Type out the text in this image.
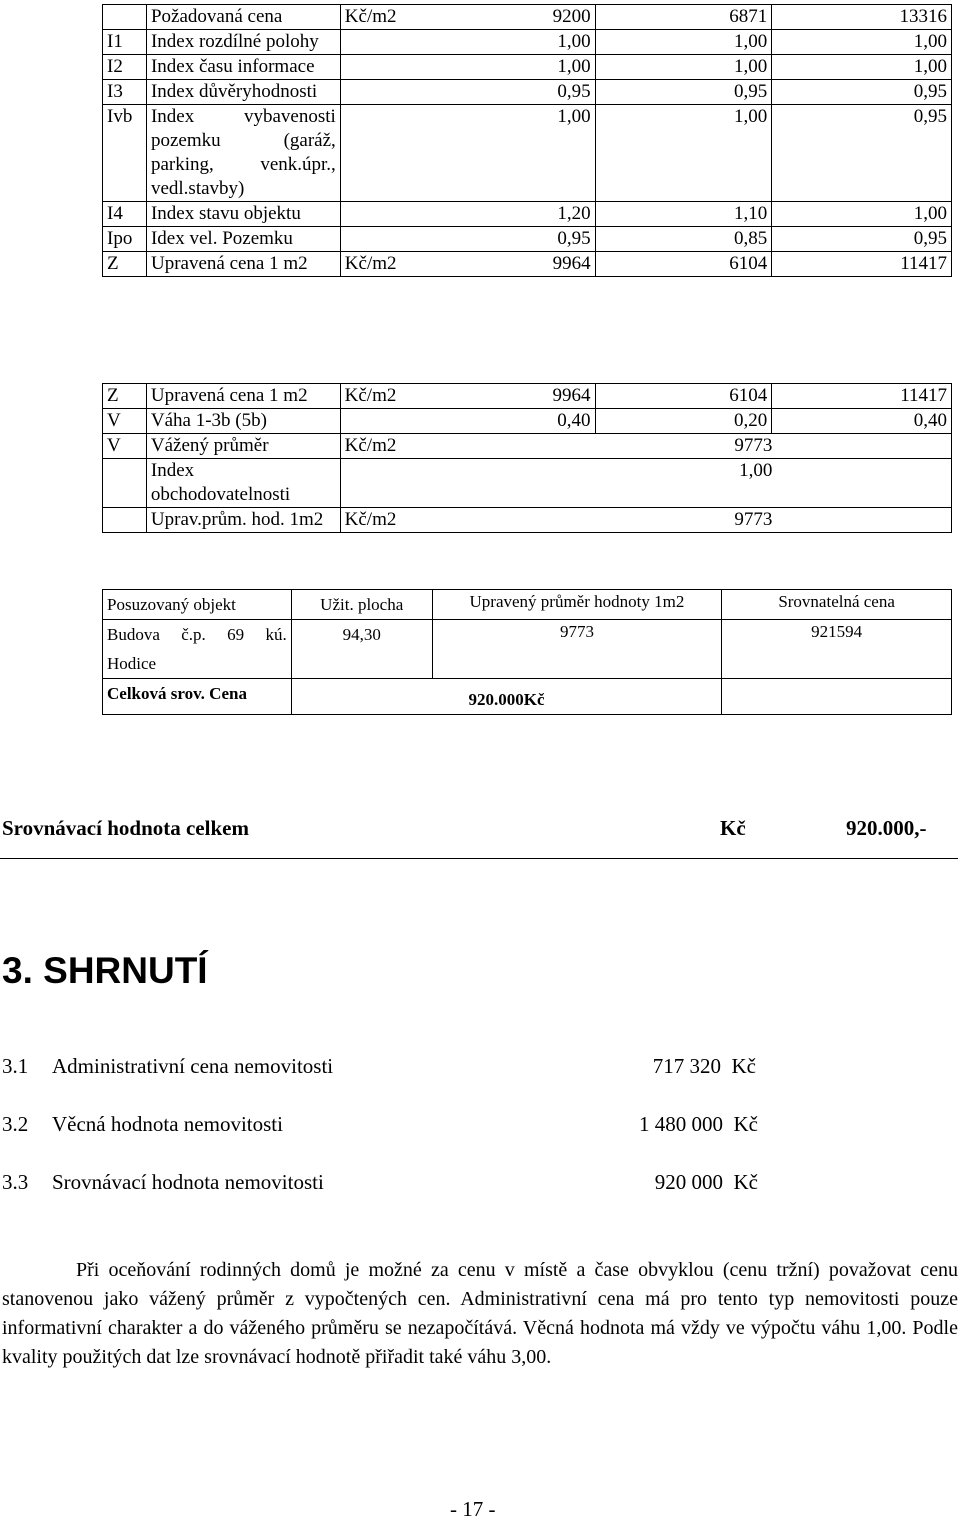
	Požadovaná cena	Kč/m2	9200	6871	13316
I1	Index rozdílné polohy		1,00	1,00	1,00
I2	Index času informace		1,00	1,00	1,00
I3	Index důvěryhodnosti		0,95	0,95	0,95
Ivb	Index vybavenosti pozemku (garáž, parking, venk.úpr., vedl.stavby)		1,00	1,00	0,95
I4	Index stavu objektu		1,20	1,10	1,00
Ipo	Idex vel. Pozemku		0,95	0,85	0,95
Z	Upravená cena 1 m2	Kč/m2	9964	6104	11417
Z	Upravená cena 1 m2	Kč/m2	9964	6104	11417
V	Váha 1-3b (5b)		0,40	0,20	0,40
V	Vážený průměr	Kč/m2	9773		

	Index obchodovatelnosti		1,00		

	Uprav.prům. hod. 1m2	Kč/m2	9773		
Posuzovaný objekt	Užit. plocha	Upravený průměr hodnoty 1m2	Srovnatelná cena
Budova č.p. 69 kú. Hodice	94,30	9773	921594
Celková srov. Cena	920.000Kč		
Srovnávací hodnota celkem	Kč	920.000,-
3. SHRNUTÍ
3.1 Administrativní cena nemovitosti	717 320  Kč
3.2 Věcná hodnota nemovitosti	1 480 000  Kč
3.3 Srovnávací hodnota nemovitosti	920 000  Kč
Při oceňování rodinných domů je možné za cenu v místě a čase obvyklou (cenu tržní) považovat cenu stanovenou jako vážený průměr z vypočtených cen. Administrativní cena má pro tento typ nemovitosti pouze informativní charakter a do váženého průměru se nezapočítává. Věcná hodnota má vždy ve výpočtu váhu 1,00. Podle kvality použitých dat lze srovnávací hodnotě přiřadit také váhu 3,00.
- 17 -
